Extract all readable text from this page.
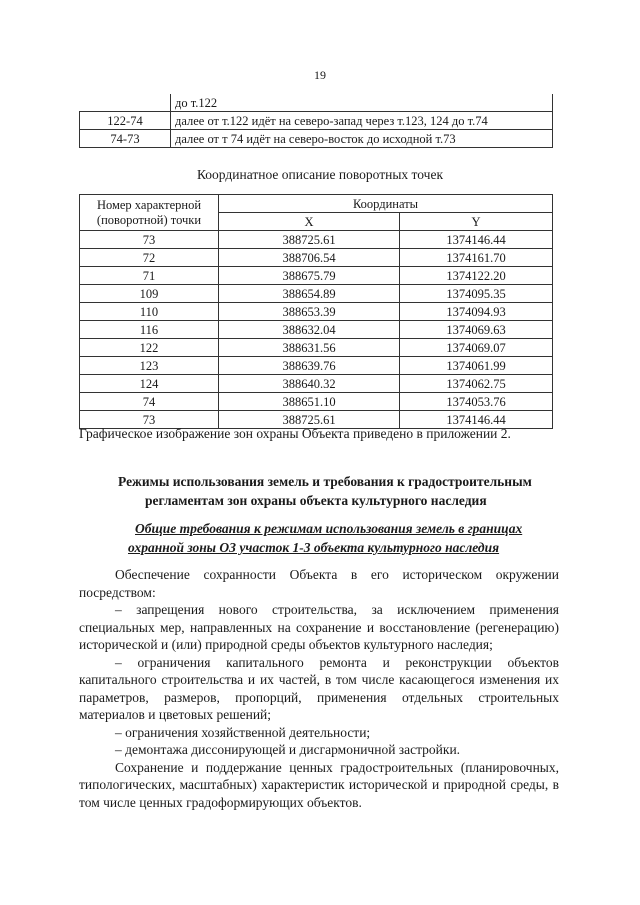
19
	до т.122
122-74	далее от т.122 идёт на северо-запад через т.123, 124 до т.74
74-73	далее от т 74 идёт на северо-восток до исходной т.73
Координатное описание поворотных точек
Номер характерной (поворотной) точки	Координаты	
	X	Y
73	388725.61	1374146.44
72	388706.54	1374161.70
71	388675.79	1374122.20
109	388654.89	1374095.35
110	388653.39	1374094.93
116	388632.04	1374069.63
122	388631.56	1374069.07
123	388639.76	1374061.99
124	388640.32	1374062.75
74	388651.10	1374053.76
73	388725.61	1374146.44
Графическое изображение зон охраны Объекта приведено в приложении 2.
Режимы использования земель и требования к градостроительным
регламентам зон охраны объекта культурного наследия
Общие требования к режимам использования земель в границах
охранной зоны ОЗ участок 1-3 объекта культурного наследия

Обеспечение сохранности Объекта в его историческом окружении посредством:

– запрещения нового строительства, за исключением применения специальных мер, направленных на сохранение и восстановление (регенерацию) исторической и (или) природной среды объектов культурного наследия;

– ограничения капитального ремонта и реконструкции объектов капитального строительства и их частей, в том числе касающегося изменения их параметров, размеров, пропорций, применения отдельных строительных материалов и цветовых решений;

– ограничения хозяйственной деятельности;

– демонтажа диссонирующей и дисгармоничной застройки.

Сохранение и поддержание ценных градостроительных (планировочных, типологических, масштабных) характеристик исторической и природной среды, в том числе ценных градоформирующих объектов.
